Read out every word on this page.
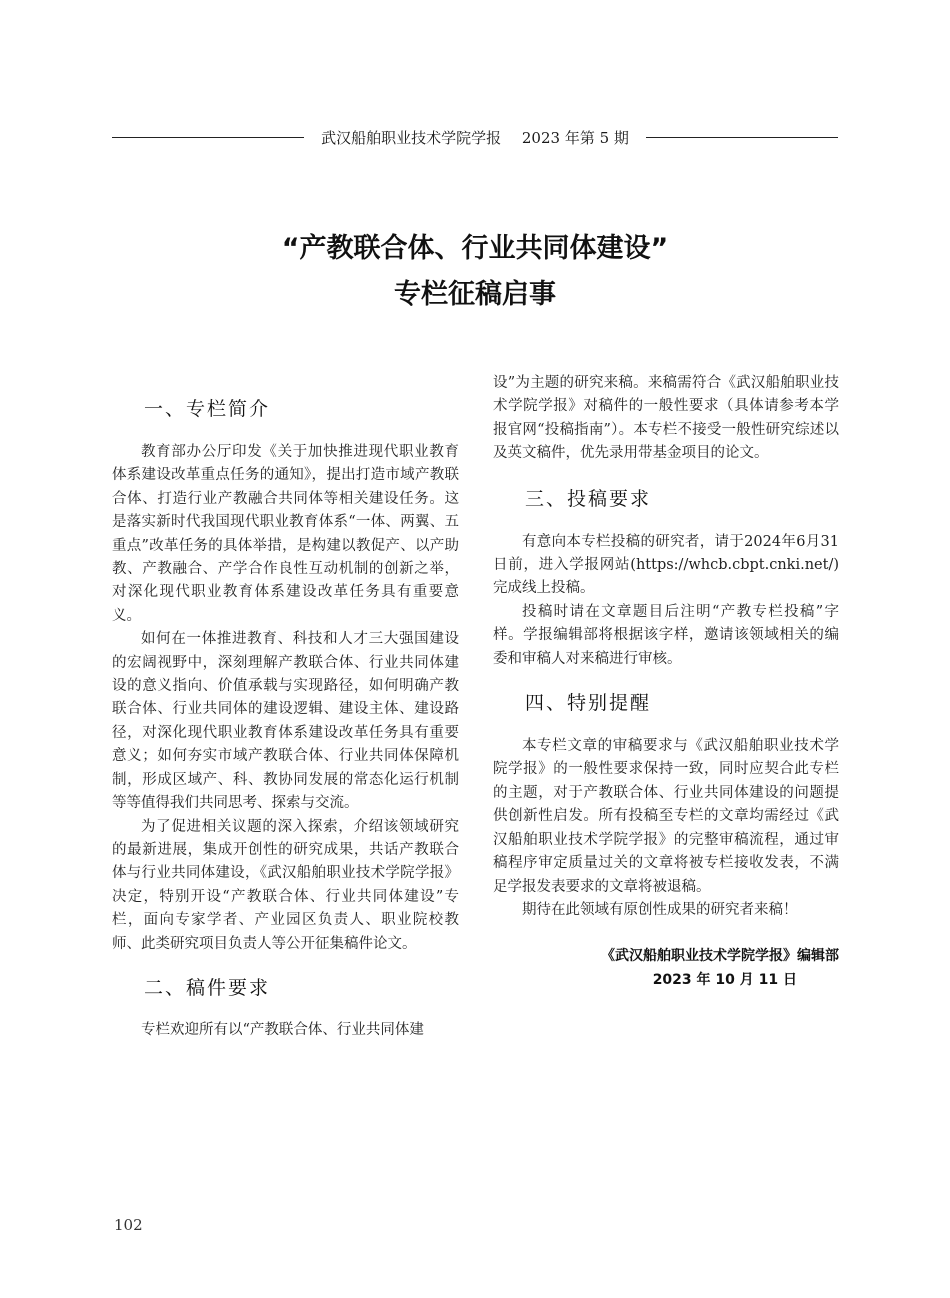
武汉船舶职业技术学院学报 2023 年第 5 期
“产教联合体、行业共同体建设”
专栏征稿启事
一、专栏简介

教育部办公厅印发《关于加快推进现代职业教育体系建设改革重点任务的通知》，提出打造市域产教联合体、打造行业产教融合共同体等相关建设任务。这是落实新时代我国现代职业教育体系“一体、两翼、五重点”改革任务的具体举措，是构建以教促产、以产助教、产教融合、产学合作良性互动机制的创新之举，对深化现代职业教育体系建设改革任务具有重要意义。

如何在一体推进教育、科技和人才三大强国建设的宏阔视野中，深刻理解产教联合体、行业共同体建设的意义指向、价值承载与实现路径，如何明确产教联合体、行业共同体的建设逻辑、建设主体、建设路径，对深化现代职业教育体系建设改革任务具有重要意义；如何夯实市域产教联合体、行业共同体保障机制，形成区域产、科、教协同发展的常态化运行机制等等值得我们共同思考、探索与交流。

为了促进相关议题的深入探索，介绍该领域研究的最新进展，集成开创性的研究成果，共话产教联合体与行业共同体建设，《武汉船舶职业技术学院学报》决定，特别开设“产教联合体、行业共同体建设”专栏，面向专家学者、产业园区负责人、职业院校教师、此类研究项目负责人等公开征集稿件论文。

二、稿件要求

专栏欢迎所有以“产教联合体、行业共同体建

设”为主题的研究来稿。来稿需符合《武汉船舶职业技术学院学报》对稿件的一般性要求（具体请参考本学报官网“投稿指南”）。本专栏不接受一般性研究综述以及英文稿件，优先录用带基金项目的论文。

三、投稿要求

有意向本专栏投稿的研究者，请于2024年6月31日前，进入学报网站(https://whcb.cbpt.cnki.net/)完成线上投稿。

投稿时请在文章题目后注明“产教专栏投稿”字样。学报编辑部将根据该字样，邀请该领域相关的编委和审稿人对来稿进行审核。

四、特别提醒

本专栏文章的审稿要求与《武汉船舶职业技术学院学报》的一般性要求保持一致，同时应契合此专栏的主题，对于产教联合体、行业共同体建设的问题提供创新性启发。所有投稿至专栏的文章均需经过《武汉船舶职业技术学院学报》的完整审稿流程，通过审稿程序审定质量过关的文章将被专栏接收发表，不满足学报发表要求的文章将被退稿。

期待在此领域有原创性成果的研究者来稿！

《武汉船舶职业技术学院学报》编辑部
2023 年 10 月 11 日
102
